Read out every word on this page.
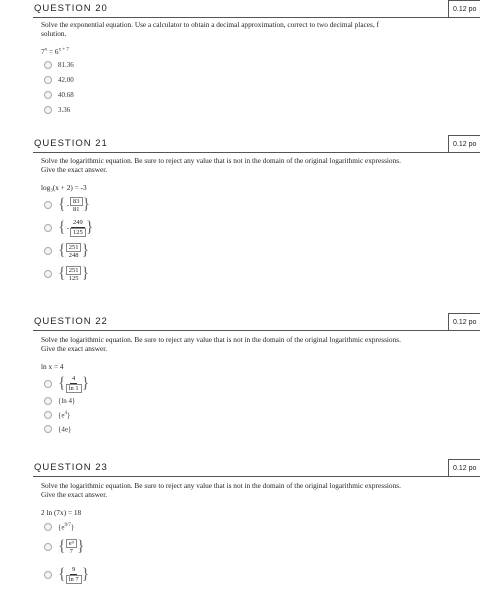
QUESTION 20	0.12 po
Solve the exponential equation. Use a calculator to obtain a decimal approximation, correct to two decimal places, f
solution.
$7^x = 6^{x + 7}$
81.36
42.00
40.68
3.36
QUESTION 21	0.12 po
Solve the logarithmic equation. Be sure to reject any value that is not in the domain of the original logarithmic expressions.
Give the exact answer.
log₃(x + 2) = -3
{ - $\frac{83}{81}$ }
{ - $\frac{249}{125}$ }
{ $\frac{251}{248}$ }
{ $\frac{251}{125}$ }
QUESTION 22	0.12 po
Solve the logarithmic equation. Be sure to reject any value that is not in the domain of the original logarithmic expressions.
Give the exact answer.
ln x = 4
{ $\frac{4}{\ln 1}$ }
{ln 4}
$\{e^4\}$
{4e}
QUESTION 23	0.12 po
Solve the logarithmic equation. Be sure to reject any value that is not in the domain of the original logarithmic expressions.
Give the exact answer.
2 ln (7x) = 18
$\{e^{9/7}\}$
{ $\frac{\text{e⁹}}{7}$ }
{ $\frac{9}{\ln 7}$ }
